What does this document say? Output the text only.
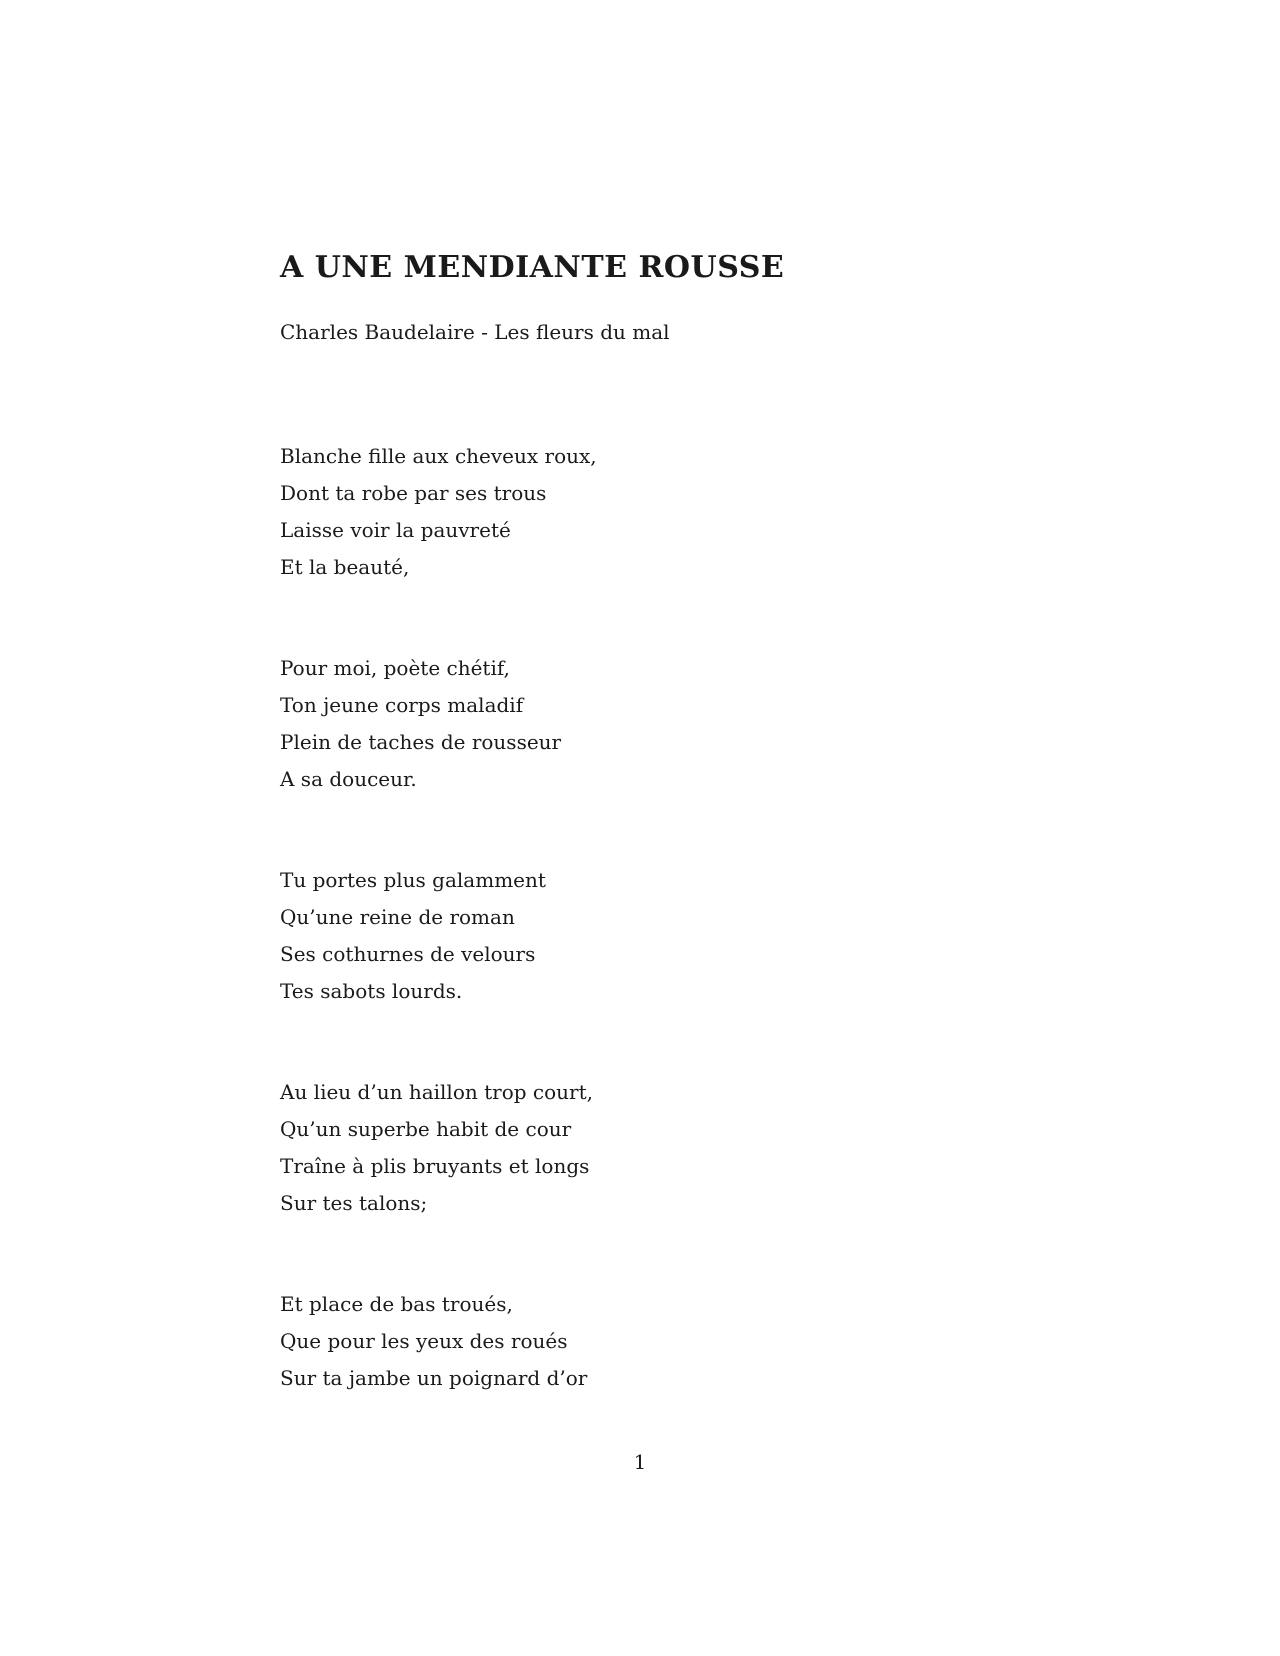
A UNE MENDIANTE ROUSSE
Charles Baudelaire - Les fleurs du mal
Blanche fille aux cheveux roux,
Dont ta robe par ses trous
Laisse voir la pauvreté
Et la beauté,
Pour moi, poète chétif,
Ton jeune corps maladif
Plein de taches de rousseur
A sa douceur.
Tu portes plus galamment
Qu’une reine de roman
Ses cothurnes de velours
Tes sabots lourds.
Au lieu d’un haillon trop court,
Qu’un superbe habit de cour
Traîne à plis bruyants et longs
Sur tes talons;
Et place de bas troués,
Que pour les yeux des roués
Sur ta jambe un poignard d’or
1
